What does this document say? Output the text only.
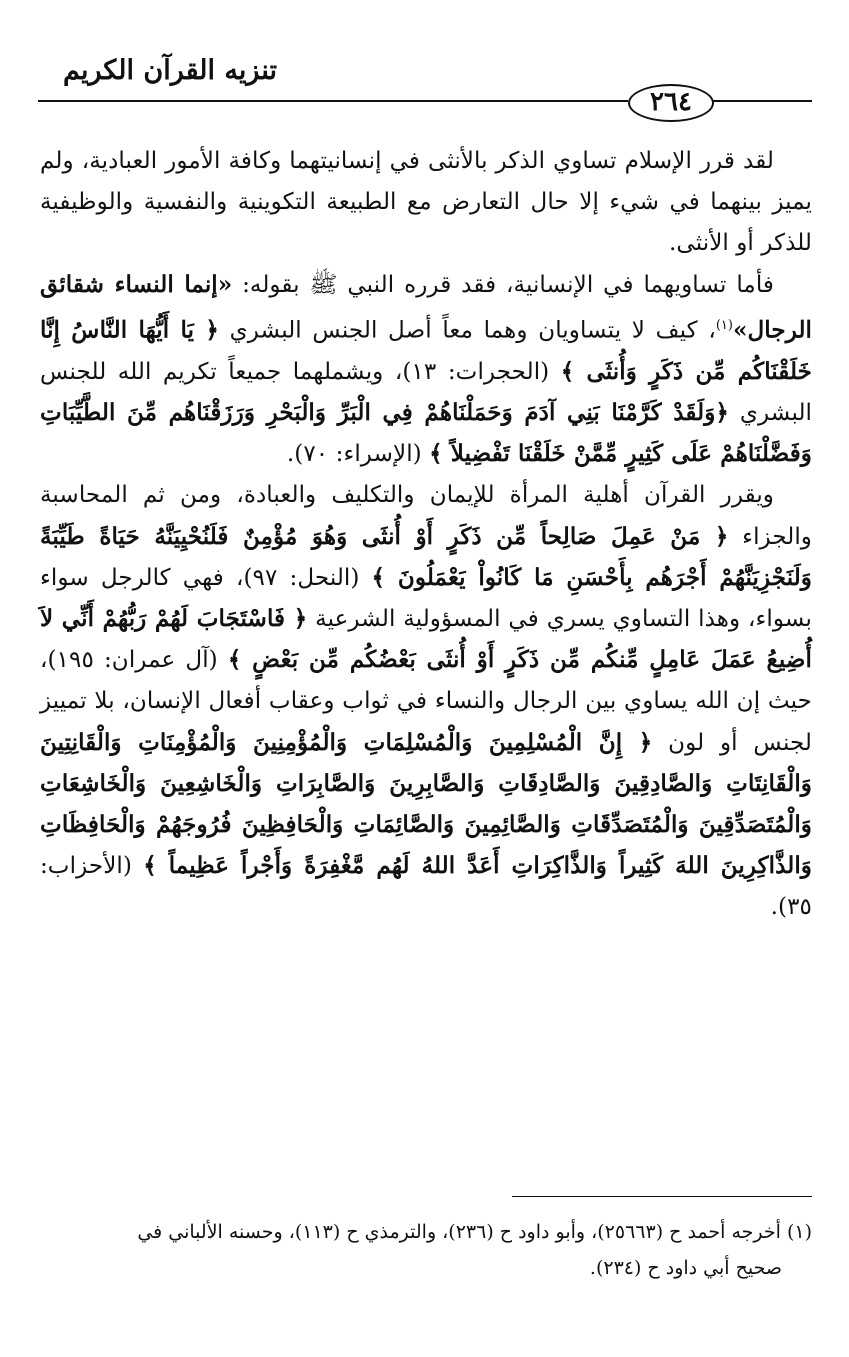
تنزيه القرآن الكريم
٢٦٤

لقد قرر الإسلام تساوي الذكر بالأنثى في إنسانيتهما وكافة الأمور العبادية، ولم يميز بينهما في شيء إلا حال التعارض مع الطبيعة التكوينية والنفسية والوظيفية للذكر أو الأنثى.

فأما تساويهما في الإنسانية، فقد قرره النبي ﷺ بقوله: «إنما النساء شقائق الرجال»$^{(١)}$، كيف لا يتساويان وهما معاً أصل الجنس البشري ﴿ يَا أَيُّهَا النَّاسُ إِنَّا خَلَقْنَاكُم مِّن ذَكَرٍ وَأُنثَى ﴾ (الحجرات: ١٣)، ويشملهما جميعاً تكريم الله للجنس البشري ﴿وَلَقَدْ كَرَّمْنَا بَنِي آدَمَ وَحَمَلْنَاهُمْ فِي الْبَرِّ وَالْبَحْرِ وَرَزَقْنَاهُم مِّنَ الطَّيِّبَاتِ وَفَضَّلْنَاهُمْ عَلَى كَثِيرٍ مِّمَّنْ خَلَقْنَا تَفْضِيلاً ﴾ (الإسراء: ٧٠).

ويقرر القرآن أهلية المرأة للإيمان والتكليف والعبادة، ومن ثم المحاسبة والجزاء ﴿ مَنْ عَمِلَ صَالِحاً مِّن ذَكَرٍ أَوْ أُنثَى وَهُوَ مُؤْمِنٌ فَلَنُحْيِيَنَّهُ حَيَاةً طَيِّبَةً وَلَنَجْزِيَنَّهُمْ أَجْرَهُم بِأَحْسَنِ مَا كَانُواْ يَعْمَلُونَ ﴾ (النحل: ٩٧)، فهي كالرجل سواء بسواء، وهذا التساوي يسري في المسؤولية الشرعية ﴿ فَاسْتَجَابَ لَهُمْ رَبُّهُمْ أَنِّي لاَ أُضِيعُ عَمَلَ عَامِلٍ مِّنكُم مِّن ذَكَرٍ أَوْ أُنثَى بَعْضُكُم مِّن بَعْضٍ ﴾ (آل عمران: ١٩٥)، حيث إن الله يساوي بين الرجال والنساء في ثواب وعقاب أفعال الإنسان، بلا تمييز لجنس أو لون ﴿ إِنَّ الْمُسْلِمِينَ وَالْمُسْلِمَاتِ وَالْمُؤْمِنِينَ وَالْمُؤْمِنَاتِ وَالْقَانِتِينَ وَالْقَانِتَاتِ وَالصَّادِقِينَ وَالصَّادِقَاتِ وَالصَّابِرِينَ وَالصَّابِرَاتِ وَالْخَاشِعِينَ وَالْخَاشِعَاتِ وَالْمُتَصَدِّقِينَ وَالْمُتَصَدِّقَاتِ وَالصَّائِمِينَ وَالصَّائِمَاتِ وَالْحَافِظِينَ فُرُوجَهُمْ وَالْحَافِظَاتِ وَالذَّاكِرِينَ اللهَ كَثِيراً وَالذَّاكِرَاتِ أَعَدَّ اللهُ لَهُم مَّغْفِرَةً وَأَجْراً عَظِيماً ﴾ (الأحزاب: ٣٥).

(١) أخرجه أحمد ح (٢٥٦٦٣)، وأبو داود ح (٢٣٦)، والترمذي ح (١١٣)، وحسنه الألباني في

صحيح أبي داود ح (٢٣٤).
